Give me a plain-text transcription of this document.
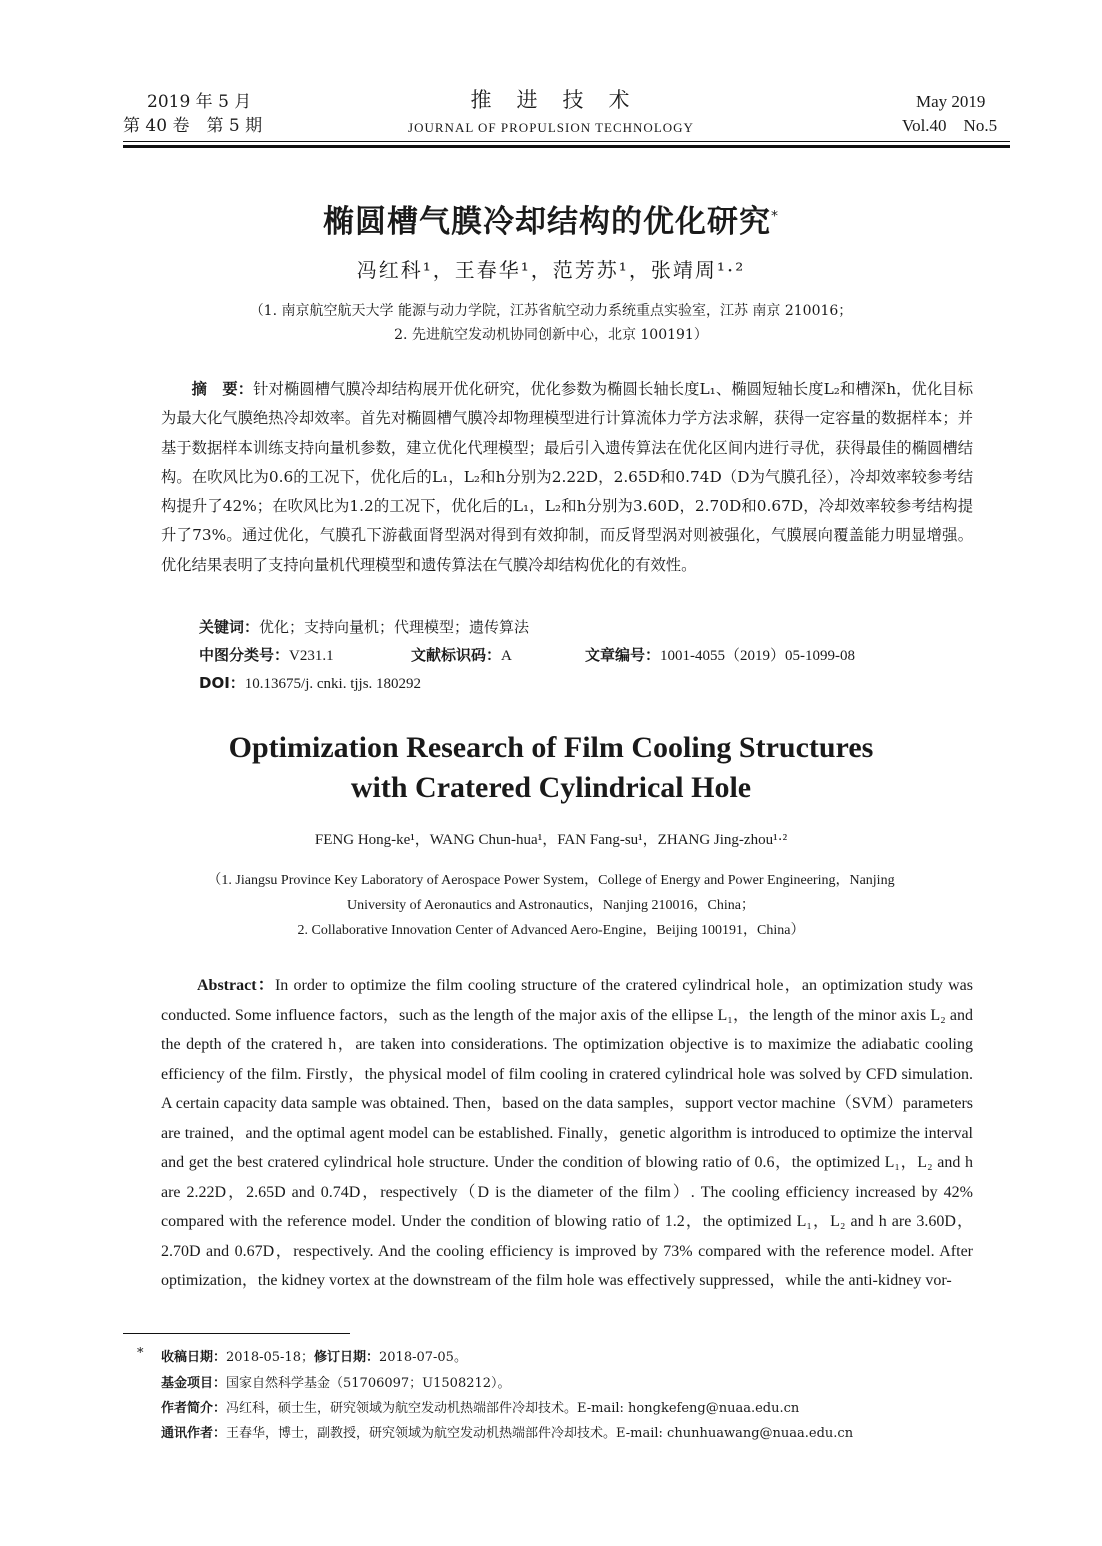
2019 年 5 月
第 40 卷　第 5 期
推　进　技　术
JOURNAL OF PROPULSION TECHNOLOGY
May 2019
Vol.40　No.5
椭圆槽气膜冷却结构的优化研究*
冯红科¹，王春华¹，范芳苏¹，张靖周¹·²
（1. 南京航空航天大学 能源与动力学院，江苏省航空动力系统重点实验室，江苏 南京 210016；
2. 先进航空发动机协同创新中心，北京 100191）
摘　要：针对椭圆槽气膜冷却结构展开优化研究，优化参数为椭圆长轴长度L₁、椭圆短轴长度L₂和槽深h，优化目标为最大化气膜绝热冷却效率。首先对椭圆槽气膜冷却物理模型进行计算流体力学方法求解，获得一定容量的数据样本；并基于数据样本训练支持向量机参数，建立优化代理模型；最后引入遗传算法在优化区间内进行寻优，获得最佳的椭圆槽结构。在吹风比为0.6的工况下，优化后的L₁，L₂和h分别为2.22D，2.65D和0.74D（D为气膜孔径），冷却效率较参考结构提升了42%；在吹风比为1.2的工况下，优化后的L₁，L₂和h分别为3.60D，2.70D和0.67D，冷却效率较参考结构提升了73%。通过优化，气膜孔下游截面肾型涡对得到有效抑制，而反肾型涡对则被强化，气膜展向覆盖能力明显增强。优化结果表明了支持向量机代理模型和遗传算法在气膜冷却结构优化的有效性。
关键词：优化；支持向量机；代理模型；遗传算法
中图分类号：V231.1	文献标识码：A	文章编号：1001-4055（2019）05-1099-08
DOI：10.13675/j. cnki. tjjs. 180292
Optimization Research of Film Cooling Structures
with Cratered Cylindrical Hole
FENG Hong-ke¹，WANG Chun-hua¹，FAN Fang-su¹，ZHANG Jing-zhou¹·²
（1. Jiangsu Province Key Laboratory of Aerospace Power System，College of Energy and Power Engineering，Nanjing
University of Aeronautics and Astronautics，Nanjing 210016，China；
2. Collaborative Innovation Center of Advanced Aero-Engine，Beijing 100191，China）
Abstract：In order to optimize the film cooling structure of the cratered cylindrical hole，an optimization study was conducted. Some influence factors，such as the length of the major axis of the ellipse L₁，the length of the minor axis L₂ and the depth of the cratered h，are taken into considerations. The optimization objective is to maximize the adiabatic cooling efficiency of the film. Firstly，the physical model of film cooling in cratered cylindrical hole was solved by CFD simulation. A certain capacity data sample was obtained. Then，based on the data samples，support vector machine（SVM）parameters are trained，and the optimal agent model can be established. Finally，genetic algorithm is introduced to optimize the interval and get the best cratered cylindrical hole structure. Under the condition of blowing ratio of 0.6，the optimized L₁，L₂ and h are 2.22D，2.65D and 0.74D，respectively（D is the diameter of the film）. The cooling efficiency increased by 42% compared with the reference model. Under the condition of blowing ratio of 1.2，the optimized L₁，L₂ and h are 3.60D，2.70D and 0.67D，respectively. And the cooling efficiency is improved by 73% compared with the reference model. After optimization，the kidney vortex at the downstream of the film hole was effectively suppressed，while the anti-kidney vor-
* 收稿日期：2018-05-18；修订日期：2018-07-05。
基金项目：国家自然科学基金（51706097；U1508212）。
作者简介：冯红科，硕士生，研究领域为航空发动机热端部件冷却技术。E-mail: hongkefeng@nuaa.edu.cn
通讯作者：王春华，博士，副教授，研究领域为航空发动机热端部件冷却技术。E-mail: chunhuawang@nuaa.edu.cn
